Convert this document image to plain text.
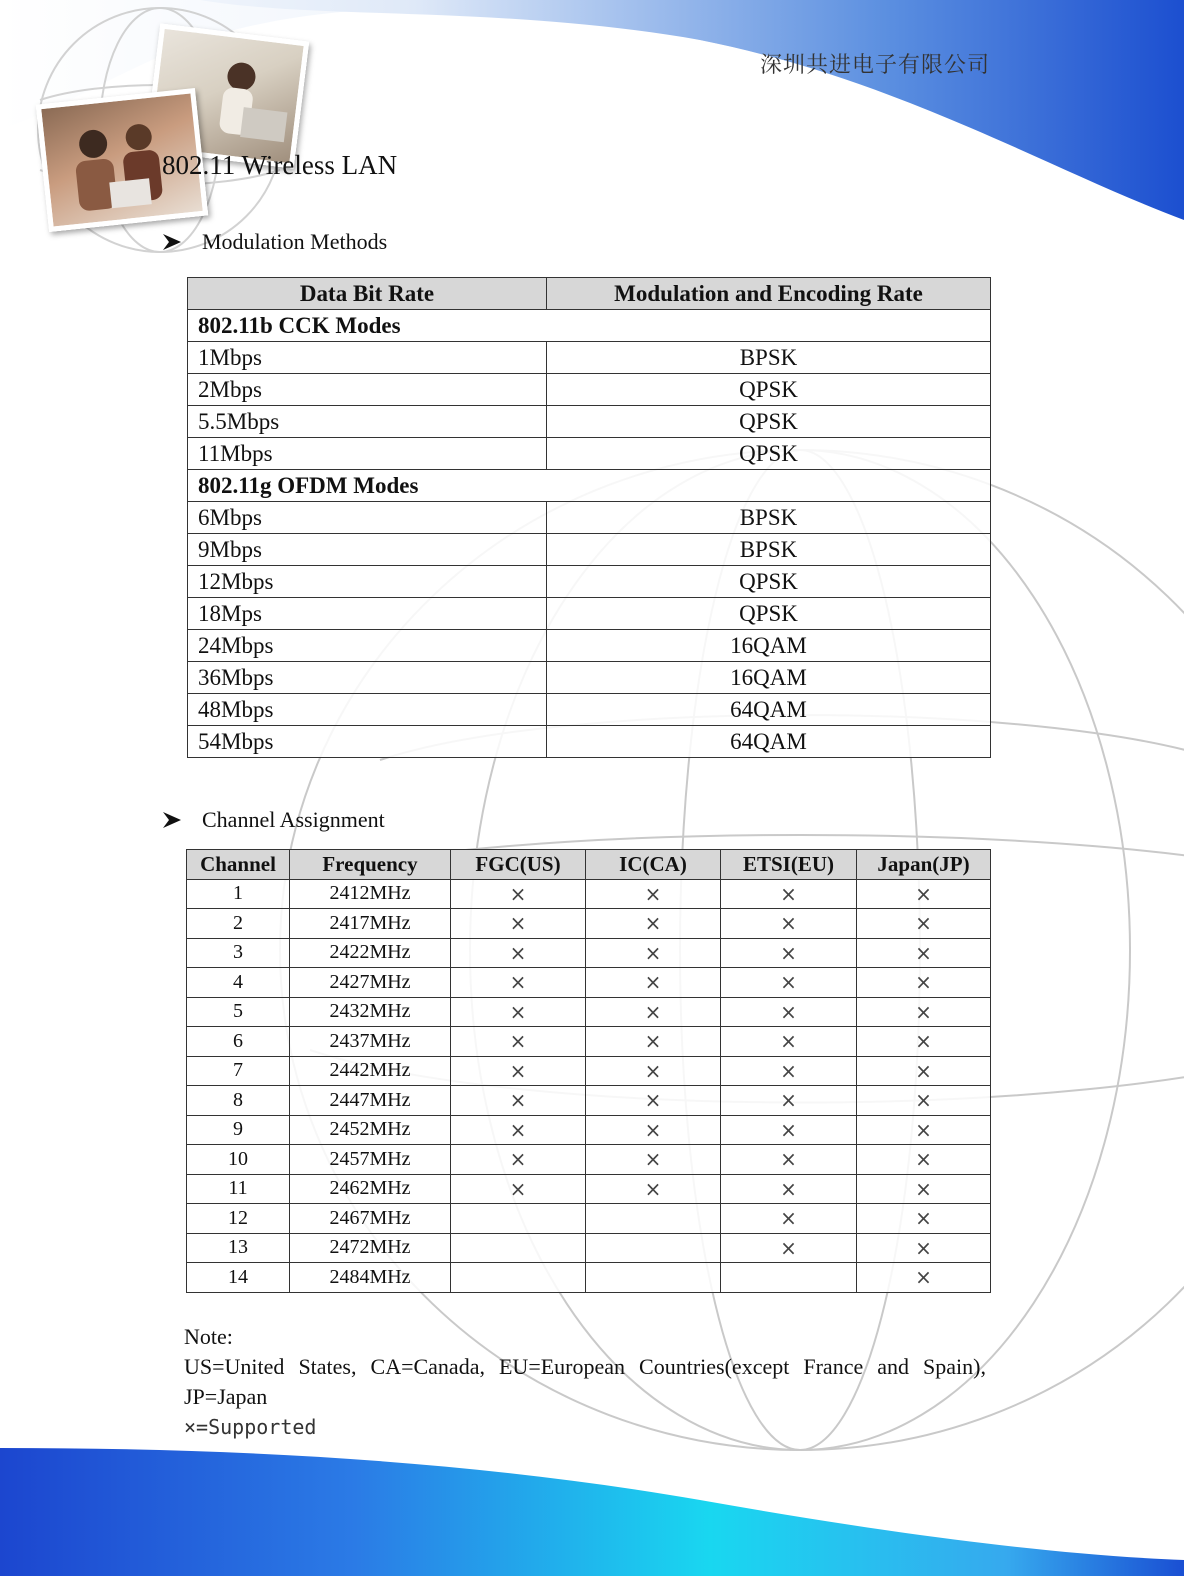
深圳共进电子有限公司
802.11 Wireless LAN
Modulation Methods
Data Bit Rate	Modulation and Encoding Rate
802.11b CCK Modes	
1Mbps	BPSK
2Mbps	QPSK
5.5Mbps	QPSK
11Mbps	QPSK
802.11g OFDM Modes	
6Mbps	BPSK
9Mbps	BPSK
12Mbps	QPSK
18Mps	QPSK
24Mbps	16QAM
36Mbps	16QAM
48Mbps	64QAM
54Mbps	64QAM
Channel Assignment
Channel	Frequency	FGC(US)	IC(CA)	ETSI(EU)	Japan(JP)
1	2412MHz	×	×	×	×
2	2417MHz	×	×	×	×
3	2422MHz	×	×	×	×
4	2427MHz	×	×	×	×
5	2432MHz	×	×	×	×
6	2437MHz	×	×	×	×
7	2442MHz	×	×	×	×
8	2447MHz	×	×	×	×
9	2452MHz	×	×	×	×
10	2457MHz	×	×	×	×
11	2462MHz	×	×	×	×
12	2467MHz			×	×
13	2472MHz			×	×
14	2484MHz				×

Note:

US=United States, CA=Canada, EU=European Countries(except France and Spain),

JP=Japan

×=Supported
